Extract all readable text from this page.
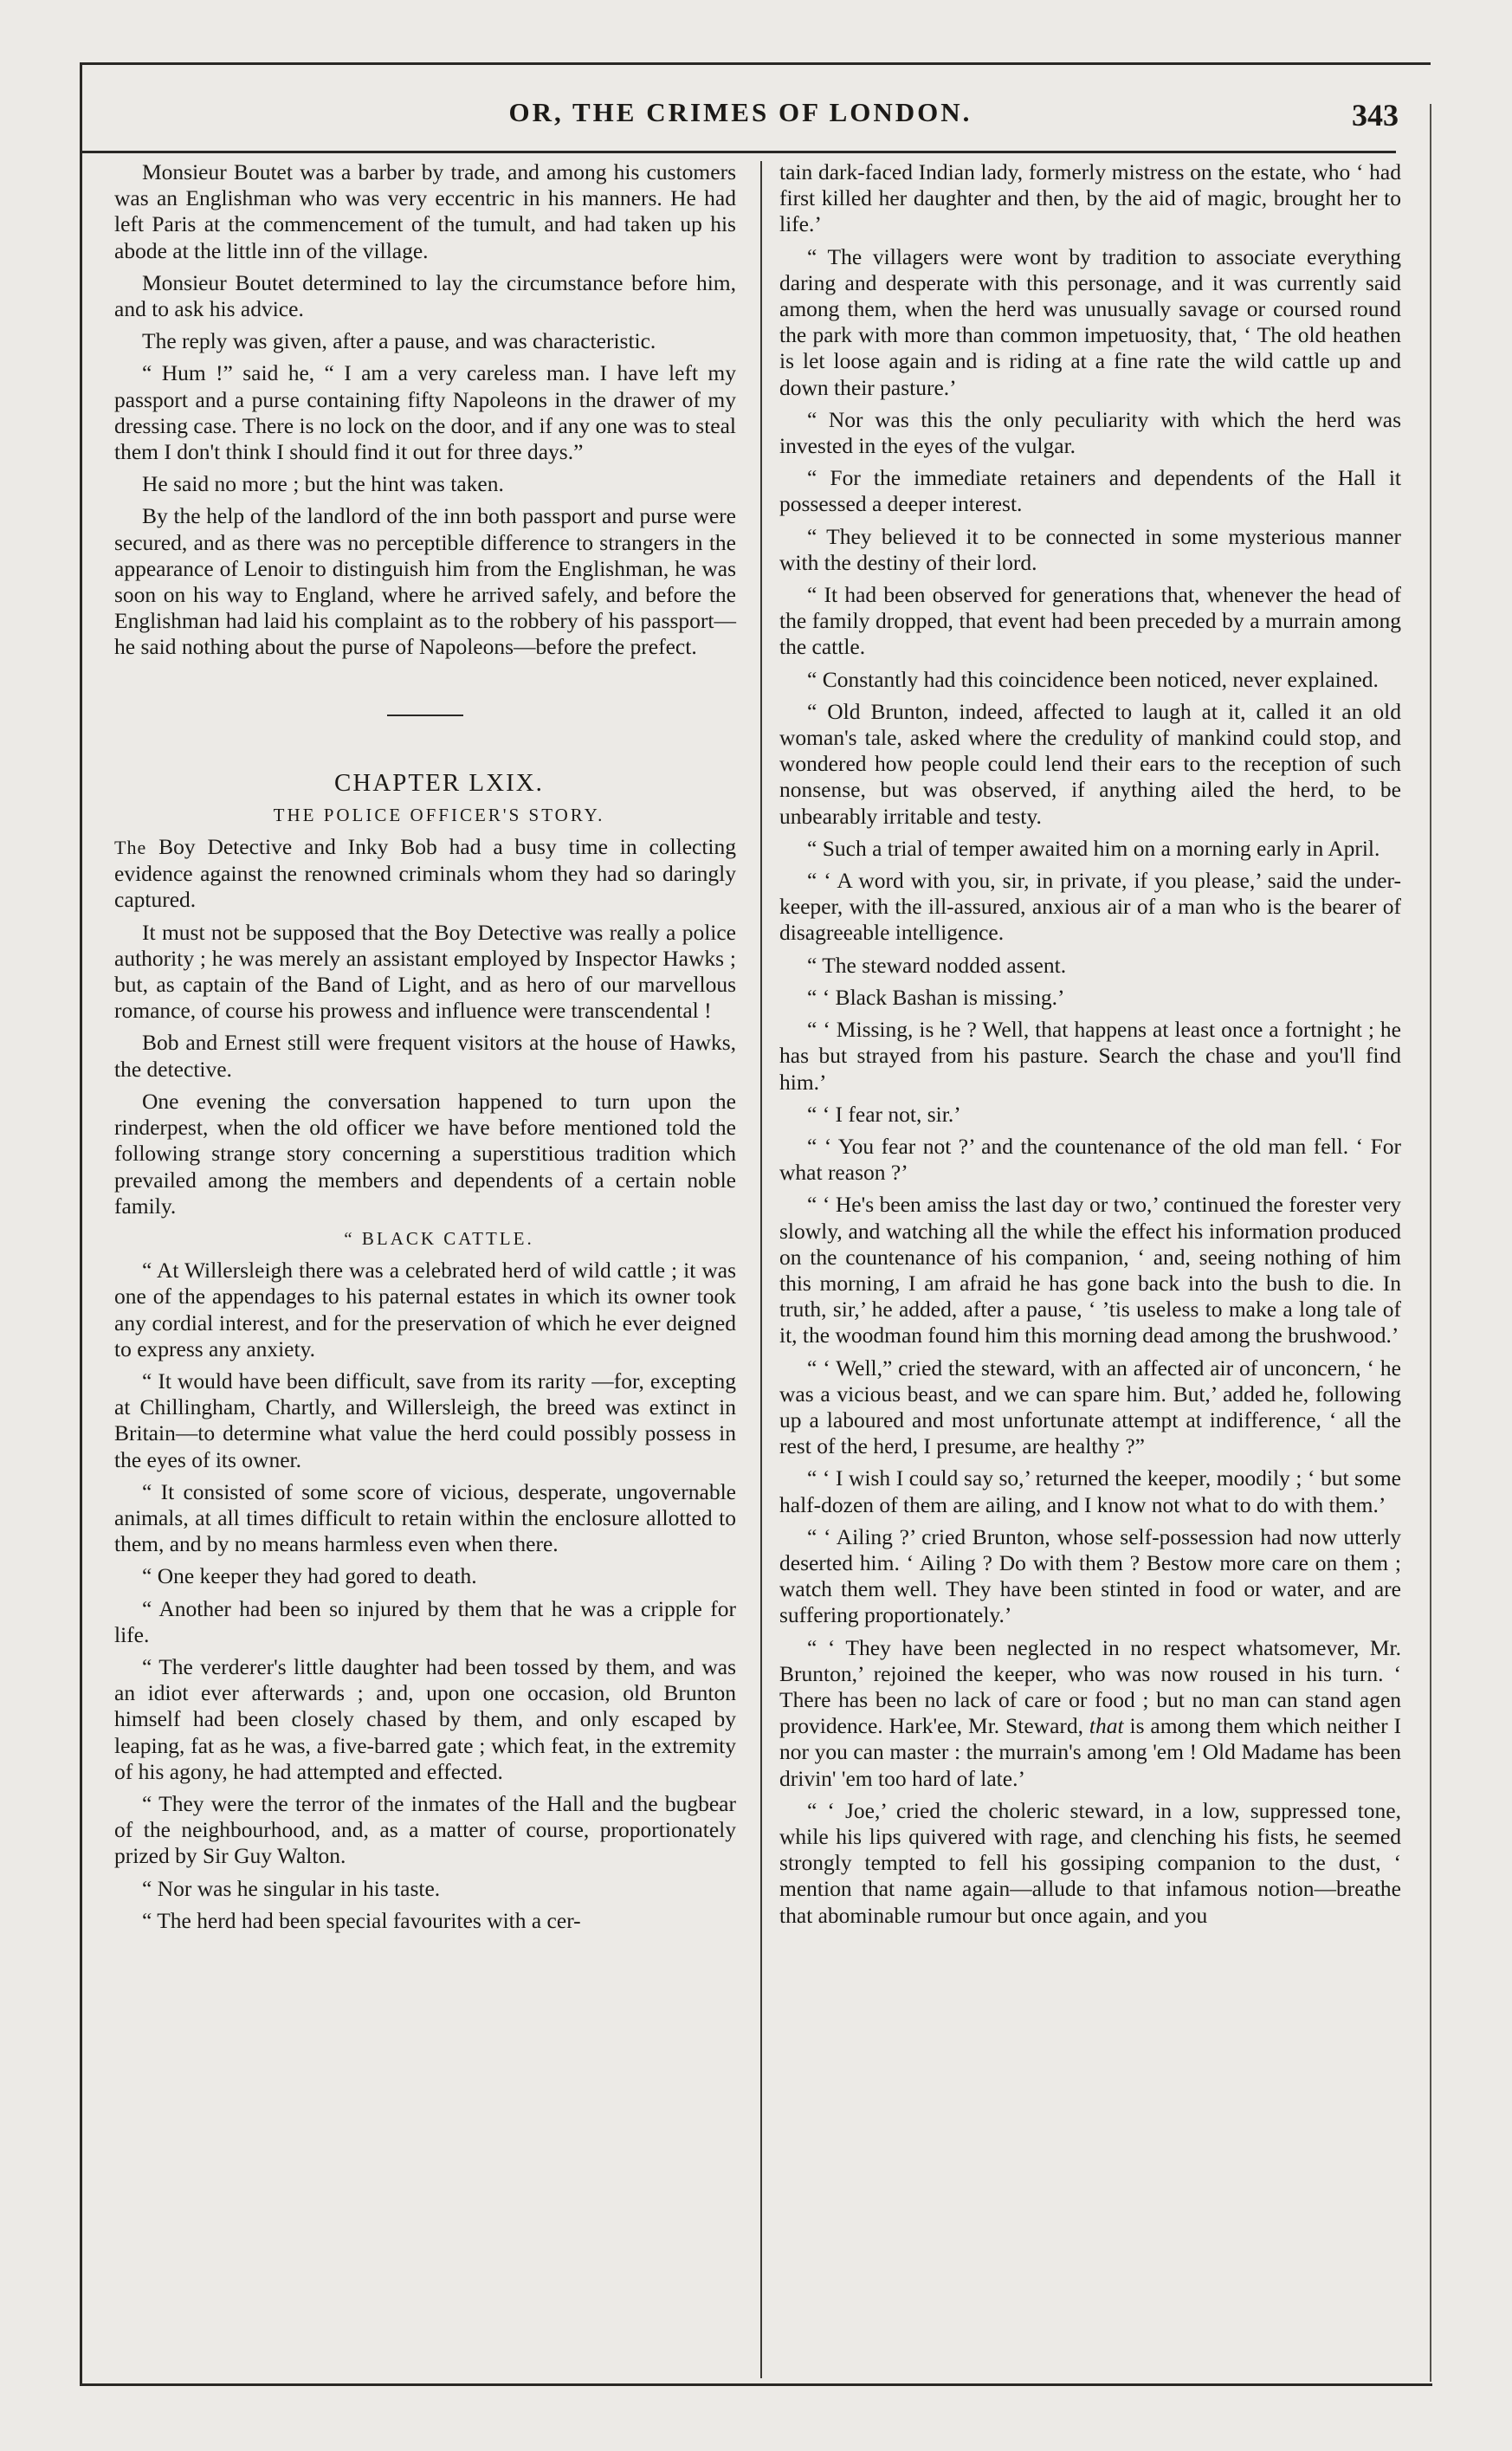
OR, THE CRIMES OF LONDON.	343

Monsieur Boutet was a barber by trade, and among his customers was an Englishman who was very eccentric in his manners. He had left Paris at the commencement of the tumult, and had taken up his abode at the little inn of the village.

Monsieur Boutet determined to lay the circumstance before him, and to ask his advice.

The reply was given, after a pause, and was characteristic.

“ Hum !” said he, “ I am a very careless man. I have left my passport and a purse containing fifty Napoleons in the drawer of my dressing case. There is no lock on the door, and if any one was to steal them I don't think I should find it out for three days.”

He said no more ; but the hint was taken.

By the help of the landlord of the inn both passport and purse were secured, and as there was no perceptible difference to strangers in the appearance of Lenoir to distinguish him from the Englishman, he was soon on his way to England, where he arrived safely, and before the Englishman had laid his complaint as to the robbery of his passport—he said nothing about the purse of Napoleons—before the prefect.

CHAPTER LXIX.

THE POLICE OFFICER'S STORY.

The Boy Detective and Inky Bob had a busy time in collecting evidence against the renowned criminals whom they had so daringly captured.

It must not be supposed that the Boy Detective was really a police authority ; he was merely an assistant employed by Inspector Hawks ; but, as captain of the Band of Light, and as hero of our marvellous romance, of course his prowess and influence were transcendental !

Bob and Ernest still were frequent visitors at the house of Hawks, the detective.

One evening the conversation happened to turn upon the rinderpest, when the old officer we have before mentioned told the following strange story concerning a superstitious tradition which prevailed among the members and dependents of a certain noble family.

“ BLACK CATTLE.

“ At Willersleigh there was a celebrated herd of wild cattle ; it was one of the appendages to his paternal estates in which its owner took any cordial interest, and for the preservation of which he ever deigned to express any anxiety.

“ It would have been difficult, save from its rarity —for, excepting at Chillingham, Chartly, and Willersleigh, the breed was extinct in Britain—to determine what value the herd could possibly possess in the eyes of its owner.

“ It consisted of some score of vicious, desperate, ungovernable animals, at all times difficult to retain within the enclosure allotted to them, and by no means harmless even when there.

“ One keeper they had gored to death.

“ Another had been so injured by them that he was a cripple for life.

“ The verderer's little daughter had been tossed by them, and was an idiot ever afterwards ; and, upon one occasion, old Brunton himself had been closely chased by them, and only escaped by leaping, fat as he was, a five-barred gate ; which feat, in the extremity of his agony, he had attempted and effected.

“ They were the terror of the inmates of the Hall and the bugbear of the neighbourhood, and, as a matter of course, proportionately prized by Sir Guy Walton.

“ Nor was he singular in his taste.

“ The herd had been special favourites with a cer-

tain dark-faced Indian lady, formerly mistress on the estate, who ‘ had first killed her daughter and then, by the aid of magic, brought her to life.’

“ The villagers were wont by tradition to associate everything daring and desperate with this personage, and it was currently said among them, when the herd was unusually savage or coursed round the park with more than common impetuosity, that, ‘ The old heathen is let loose again and is riding at a fine rate the wild cattle up and down their pasture.’

“ Nor was this the only peculiarity with which the herd was invested in the eyes of the vulgar.

“ For the immediate retainers and dependents of the Hall it possessed a deeper interest.

“ They believed it to be connected in some mysterious manner with the destiny of their lord.

“ It had been observed for generations that, whenever the head of the family dropped, that event had been preceded by a murrain among the cattle.

“ Constantly had this coincidence been noticed, never explained.

“ Old Brunton, indeed, affected to laugh at it, called it an old woman's tale, asked where the credulity of mankind could stop, and wondered how people could lend their ears to the reception of such nonsense, but was observed, if anything ailed the herd, to be unbearably irritable and testy.

“ Such a trial of temper awaited him on a morning early in April.

“ ‘ A word with you, sir, in private, if you please,’ said the under-keeper, with the ill-assured, anxious air of a man who is the bearer of disagreeable intelligence.

“ The steward nodded assent.

“ ‘ Black Bashan is missing.’

“ ‘ Missing, is he ? Well, that happens at least once a fortnight ; he has but strayed from his pasture. Search the chase and you'll find him.’

“ ‘ I fear not, sir.’

“ ‘ You fear not ?’ and the countenance of the old man fell. ‘ For what reason ?’

“ ‘ He's been amiss the last day or two,’ continued the forester very slowly, and watching all the while the effect his information produced on the countenance of his companion, ‘ and, seeing nothing of him this morning, I am afraid he has gone back into the bush to die. In truth, sir,’ he added, after a pause, ‘ ’tis useless to make a long tale of it, the woodman found him this morning dead among the brushwood.’

“ ‘ Well,” cried the steward, with an affected air of unconcern, ‘ he was a vicious beast, and we can spare him. But,’ added he, following up a laboured and most unfortunate attempt at indifference, ‘ all the rest of the herd, I presume, are healthy ?”

“ ‘ I wish I could say so,’ returned the keeper, moodily ; ‘ but some half-dozen of them are ailing, and I know not what to do with them.’

“ ‘ Ailing ?’ cried Brunton, whose self-possession had now utterly deserted him. ‘ Ailing ? Do with them ? Bestow more care on them ; watch them well. They have been stinted in food or water, and are suffering proportionately.’

“ ‘ They have been neglected in no respect whatsomever, Mr. Brunton,’ rejoined the keeper, who was now roused in his turn. ‘ There has been no lack of care or food ; but no man can stand agen providence. Hark'ee, Mr. Steward, that is among them which neither I nor you can master : the murrain's among 'em ! Old Madame has been drivin' 'em too hard of late.’

“ ‘ Joe,’ cried the choleric steward, in a low, suppressed tone, while his lips quivered with rage, and clenching his fists, he seemed strongly tempted to fell his gossiping companion to the dust, ‘ mention that name again—allude to that infamous notion—breathe that abominable rumour but once again, and you
